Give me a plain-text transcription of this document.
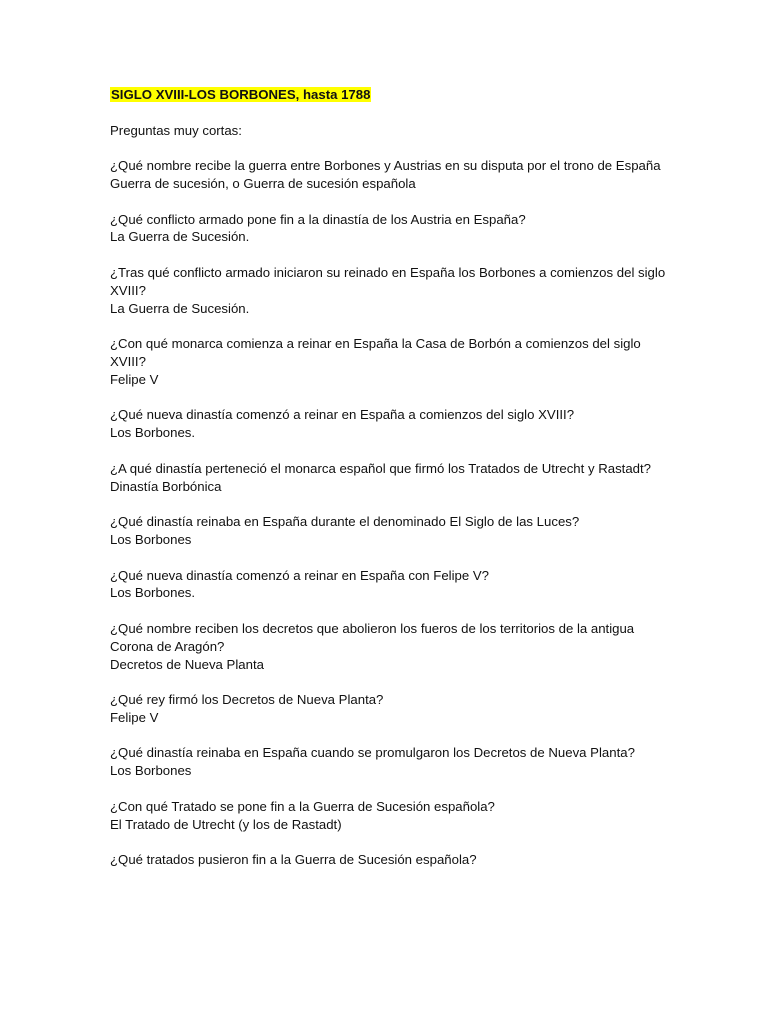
SIGLO XVIII-LOS BORBONES, hasta 1788

Preguntas muy cortas:

¿Qué nombre recibe la guerra entre Borbones y Austrias en su disputa por el trono de España

Guerra de sucesión, o Guerra de sucesión española

¿Qué conflicto armado pone fin a la dinastía de los Austria en España?

La Guerra de Sucesión.

¿Tras qué conflicto armado iniciaron su reinado en España los Borbones a comienzos del siglo XVIII?

La Guerra de Sucesión.

¿Con qué monarca comienza a reinar en España la Casa de Borbón a comienzos del siglo XVIII?

Felipe V

¿Qué nueva dinastía comenzó a reinar en España a comienzos del siglo XVIII?

Los Borbones.

¿A qué dinastía perteneció el monarca español que firmó los Tratados de Utrecht y Rastadt?

Dinastía Borbónica

¿Qué dinastía reinaba en España durante el denominado El Siglo de las Luces?

Los Borbones

¿Qué nueva dinastía comenzó a reinar en España con Felipe V?

Los Borbones.

¿Qué nombre reciben los decretos que abolieron los fueros de los territorios de la antigua Corona de Aragón?

Decretos de Nueva Planta

¿Qué rey firmó los Decretos de Nueva Planta?

Felipe V

¿Qué dinastía reinaba en España cuando se promulgaron los Decretos de Nueva Planta?

Los Borbones

¿Con qué Tratado se pone fin a la Guerra de Sucesión española?

El Tratado de Utrecht (y los de Rastadt)

¿Qué tratados pusieron fin a la Guerra de Sucesión española?
